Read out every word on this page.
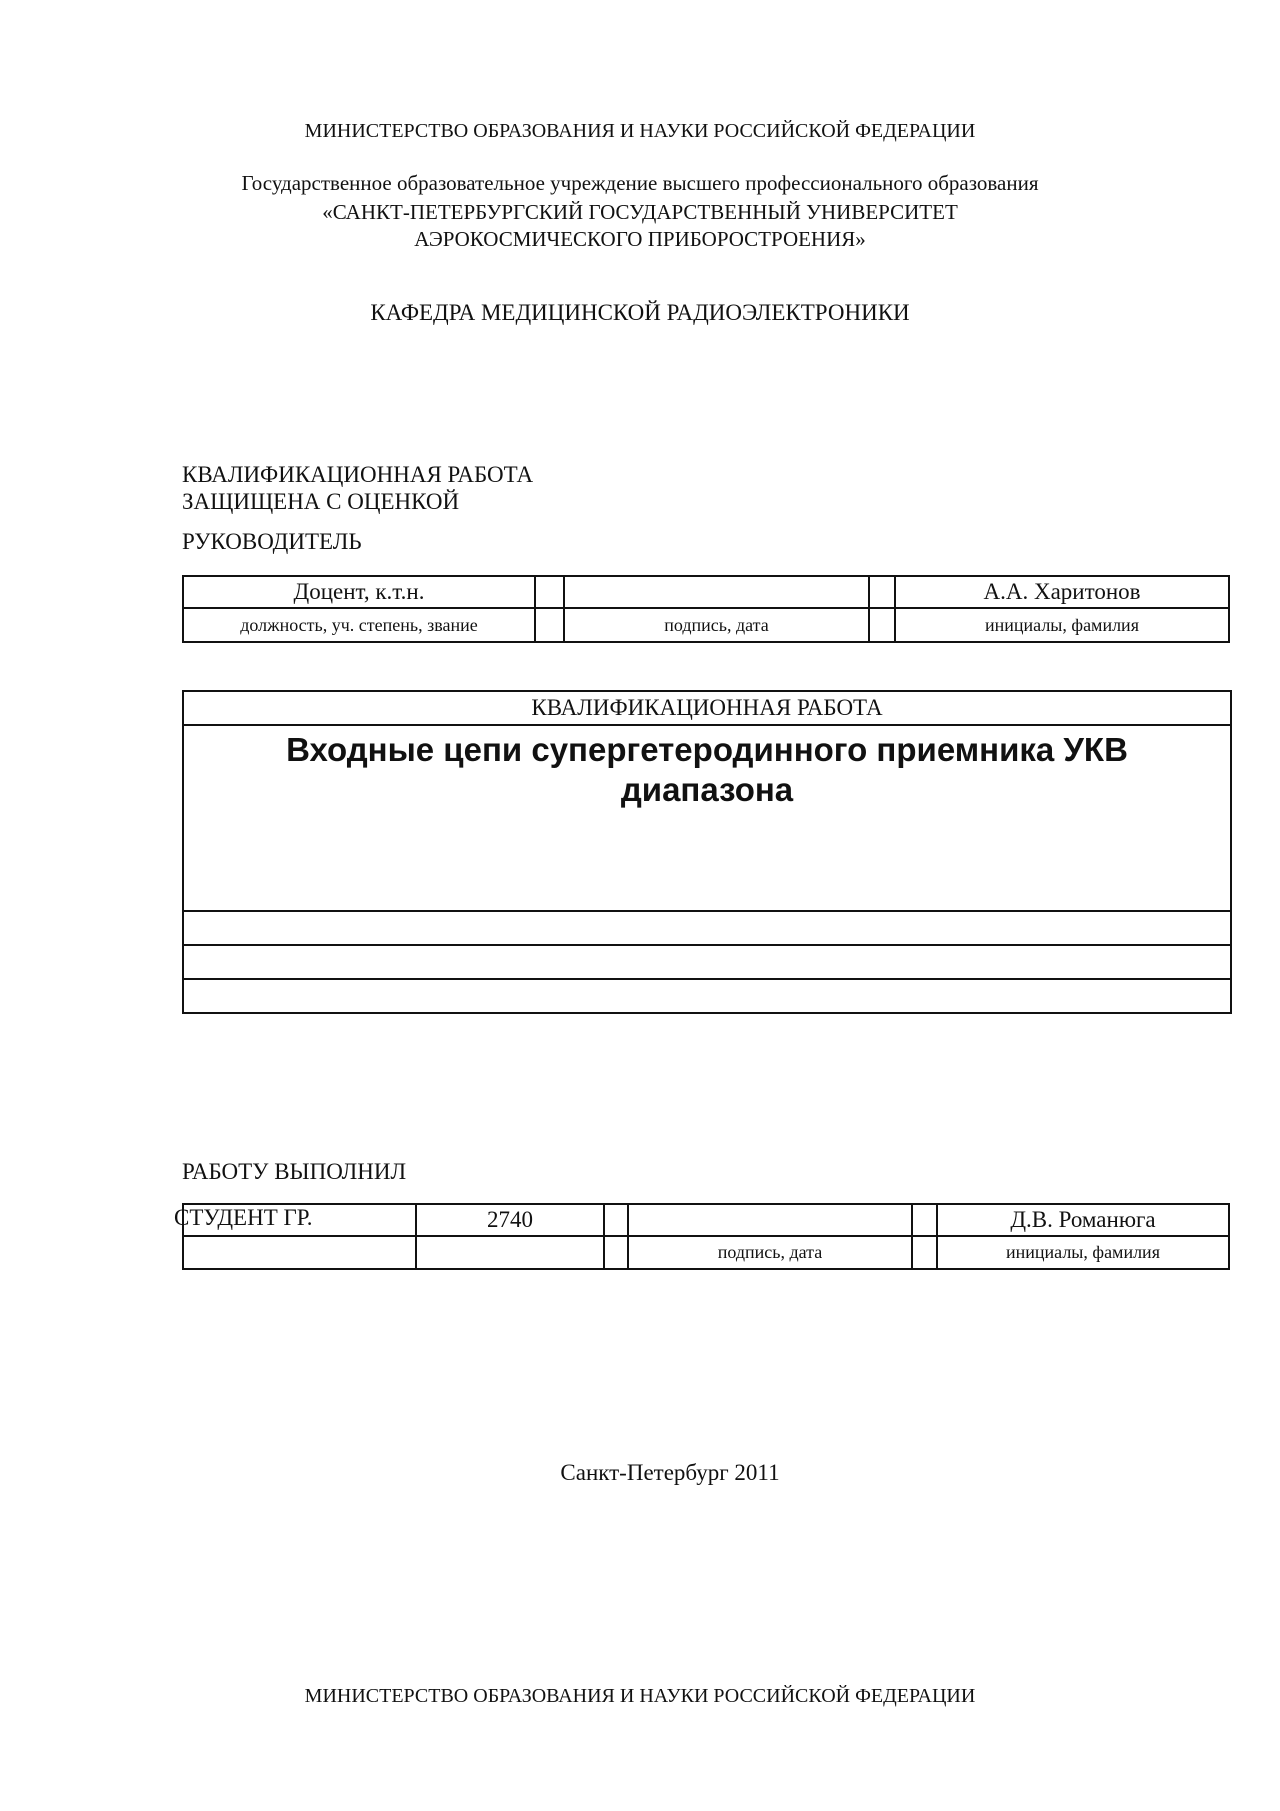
МИНИСТЕРСТВО ОБРАЗОВАНИЯ И НАУКИ РОССИЙСКОЙ ФЕДЕРАЦИИ
Государственное образовательное учреждение высшего профессионального образования
«САНКТ-ПЕТЕРБУРГСКИЙ ГОСУДАРСТВЕННЫЙ УНИВЕРСИТЕТ
АЭРОКОСМИЧЕСКОГО ПРИБОРОСТРОЕНИЯ»
КАФЕДРА МЕДИЦИНСКОЙ РАДИОЭЛЕКТРОНИКИ
КВАЛИФИКАЦИОННАЯ РАБОТА
ЗАЩИЩЕНА С ОЦЕНКОЙ
РУКОВОДИТЕЛЬ
Доцент, к.т.н.				А.А. Харитонов
должность, уч. степень, звание		подпись, дата		инициалы, фамилия
КВАЛИФИКАЦИОННАЯ РАБОТА
Входные цепи супергетеродинного приемника УКВ диапазона
РАБОТУ ВЫПОЛНИЛ
СТУДЕНТ ГР.	2740				Д.В. Романюга
			подпись, дата		инициалы, фамилия
Санкт-Петербург 2011
МИНИСТЕРСТВО ОБРАЗОВАНИЯ И НАУКИ РОССИЙСКОЙ ФЕДЕРАЦИИ
